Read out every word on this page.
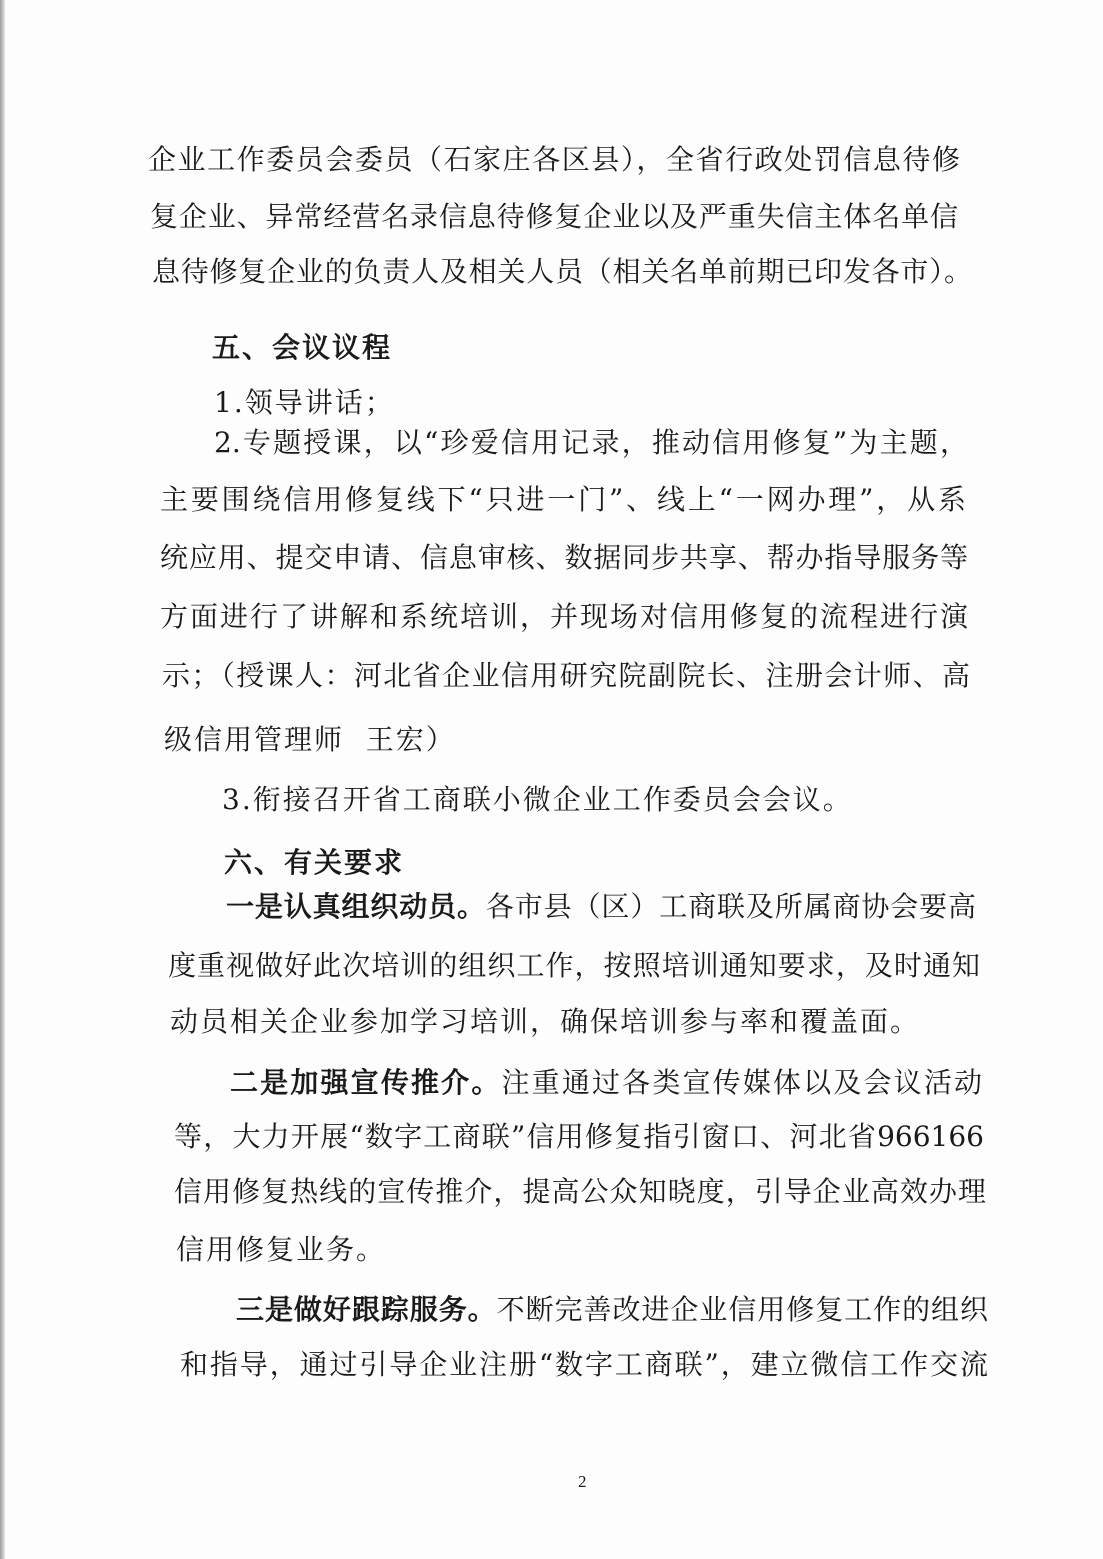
企业工作委员会委员（石家庄各区县），全省行政处罚信息待修
复企业、异常经营名录信息待修复企业以及严重失信主体名单信
息待修复企业的负责人及相关人员（相关名单前期已印发各市）。
五、会议议程
1.领导讲话；
2.专题授课，以“珍爱信用记录，推动信用修复”为主题，
主要围绕信用修复线下“只进一门”、线上“一网办理”，从系
统应用、提交申请、信息审核、数据同步共享、帮办指导服务等
方面进行了讲解和系统培训，并现场对信用修复的流程进行演
示；（授课人：河北省企业信用研究院副院长、注册会计师、高
级信用管理师  王宏）
3.衔接召开省工商联小微企业工作委员会会议。
六、有关要求
一是认真组织动员。各市县（区）工商联及所属商协会要高
度重视做好此次培训的组织工作，按照培训通知要求，及时通知
动员相关企业参加学习培训，确保培训参与率和覆盖面。
二是加强宣传推介。注重通过各类宣传媒体以及会议活动
等，大力开展“数字工商联”信用修复指引窗口、河北省966166
信用修复热线的宣传推介，提高公众知晓度，引导企业高效办理
信用修复业务。
三是做好跟踪服务。不断完善改进企业信用修复工作的组织
和指导，通过引导企业注册“数字工商联”，建立微信工作交流
2
